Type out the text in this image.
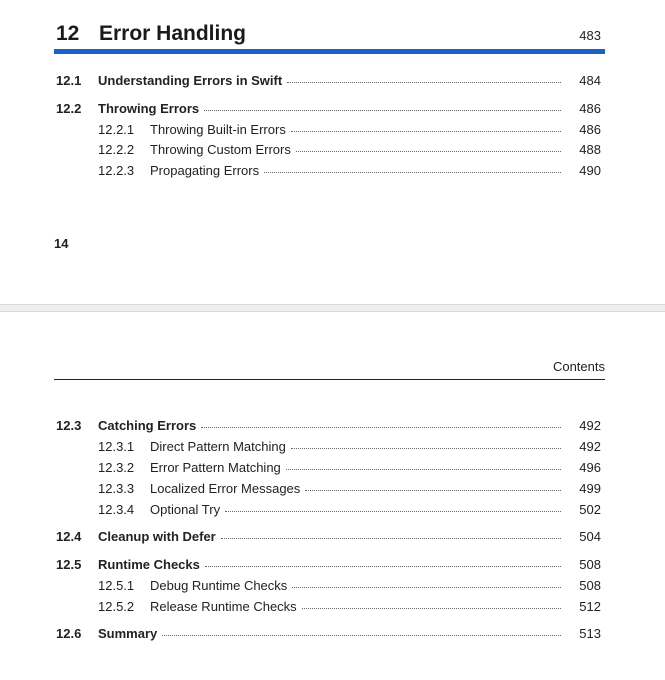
12 Error Handling	483
12.1	Understanding Errors in Swift	484
12.2	Throwing Errors	486
12.2.1	Throwing Built-in Errors	486
12.2.2	Throwing Custom Errors	488
12.2.3	Propagating Errors	490
14
Contents
12.3	Catching Errors	492
12.3.1	Direct Pattern Matching	492
12.3.2	Error Pattern Matching	496
12.3.3	Localized Error Messages	499
12.3.4	Optional Try	502
12.4	Cleanup with Defer	504
12.5	Runtime Checks	508
12.5.1	Debug Runtime Checks	508
12.5.2	Release Runtime Checks	512
12.6	Summary	513
